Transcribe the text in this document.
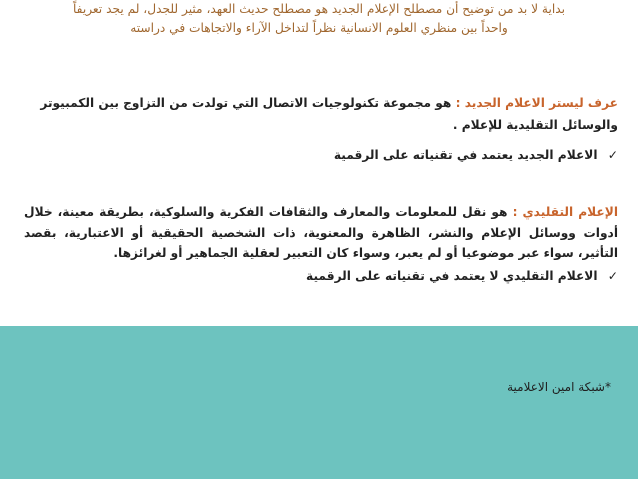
بداية لا بد من توضيح أن مصطلح الإعلام الجديد هو مصطلح حديث العهد، مثير للجدل، لم يجد تعريفاً
واحداً بين منظري العلوم الانسانية نظراً لتداخل الآراء والاتجاهات في دراسته
عرف ليستر الاعلام الجديد : هو مجموعة تكنولوجيات الاتصال التي تولدت من التزاوج بين الكمبيوتر والوسائل التقليدية للإعلام .
✓ الاعلام الجديد يعتمد في تقنياته على الرقمية
الإعلام التقليدي : هو نقل للمعلومات والمعارف والثقافات الفكرية والسلوكية، بطريقة معينة، خلال أدوات ووسائل الإعلام والنشر، الظاهرة والمعنوية، ذات الشخصية الحقيقية أو الاعتبارية، بقصد التأثير، سواء عبر موضوعيا أو لم يعبر، وسواء كان التعبير لعقلية الجماهير أو لغرائزها.
✓ الاعلام التقليدي لا يعتمد في تقنياته على الرقمية
*شبكة امين الاعلامية
